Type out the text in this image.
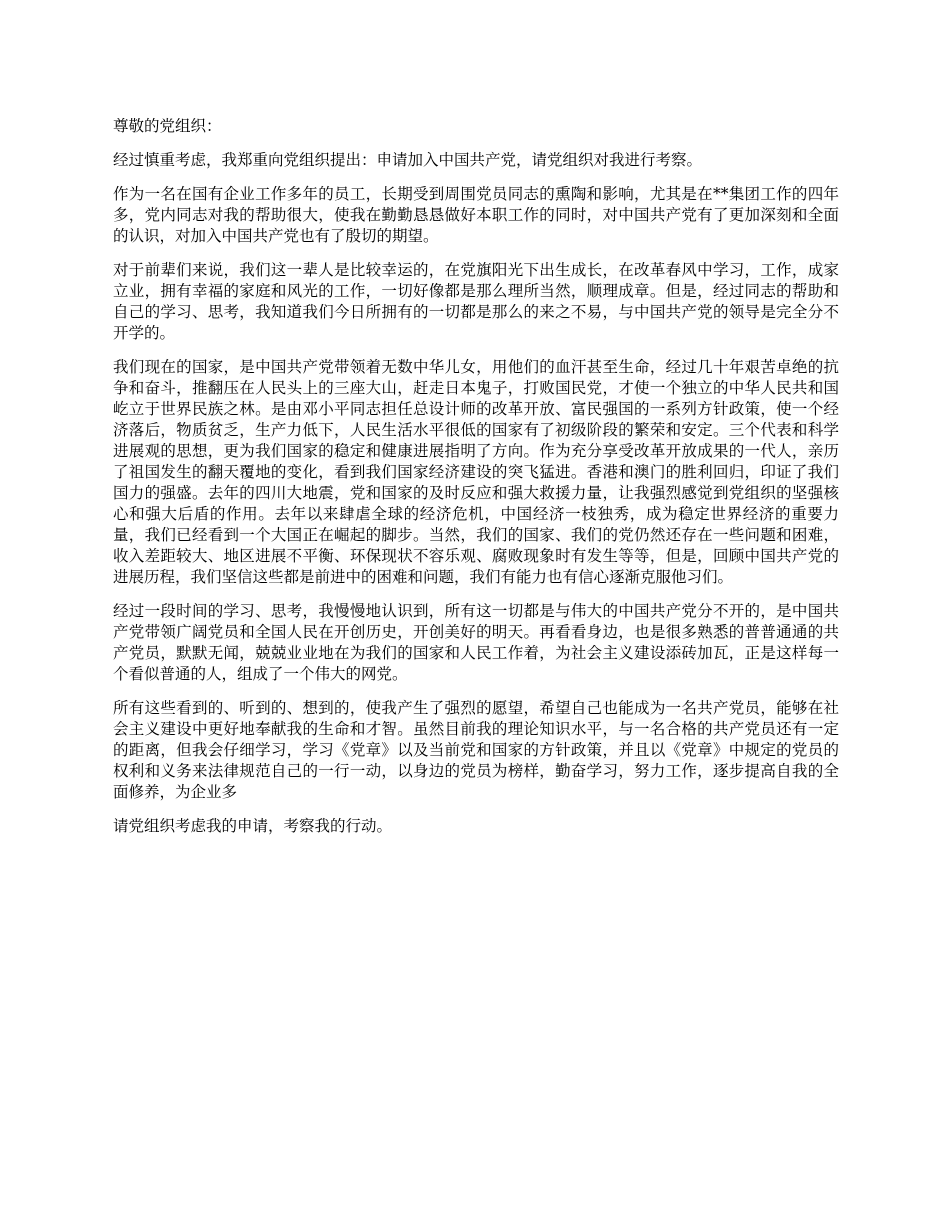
尊敬的党组织：

经过慎重考虑，我郑重向党组织提出：申请加入中国共产党，请党组织对我进行考察。

作为一名在国有企业工作多年的员工，长期受到周围党员同志的熏陶和影响，尤其是在**集团工作的四年多，党内同志对我的帮助很大，使我在勤勤恳恳做好本职工作的同时，对中国共产党有了更加深刻和全面的认识，对加入中国共产党也有了殷切的期望。

对于前辈们来说，我们这一辈人是比较幸运的，在党旗阳光下出生成长，在改革春风中学习，工作，成家立业，拥有幸福的家庭和风光的工作，一切好像都是那么理所当然，顺理成章。但是，经过同志的帮助和自己的学习、思考，我知道我们今日所拥有的一切都是那么的来之不易，与中国共产党的领导是完全分不开学的。

我们现在的国家，是中国共产党带领着无数中华儿女，用他们的血汗甚至生命，经过几十年艰苦卓绝的抗争和奋斗，推翻压在人民头上的三座大山，赶走日本鬼子，打败国民党，才使一个独立的中华人民共和国屹立于世界民族之林。是由邓小平同志担任总设计师的改革开放、富民强国的一系列方针政策，使一个经济落后，物质贫乏，生产力低下，人民生活水平很低的国家有了初级阶段的繁荣和安定。三个代表和科学进展观的思想，更为我们国家的稳定和健康进展指明了方向。作为充分享受改革开放成果的一代人，亲历了祖国发生的翻天覆地的变化，看到我们国家经济建设的突飞猛进。香港和澳门的胜利回归，印证了我们国力的强盛。去年的四川大地震，党和国家的及时反应和强大救援力量，让我强烈感觉到党组织的坚强核心和强大后盾的作用。去年以来肆虐全球的经济危机，中国经济一枝独秀，成为稳定世界经济的重要力量，我们已经看到一个大国正在崛起的脚步。当然，我们的国家、我们的党仍然还存在一些问题和困难，收入差距较大、地区进展不平衡、环保现状不容乐观、腐败现象时有发生等等，但是，回顾中国共产党的进展历程，我们坚信这些都是前进中的困难和问题，我们有能力也有信心逐渐克服他习们。

经过一段时间的学习、思考，我慢慢地认识到，所有这一切都是与伟大的中国共产党分不开的，是中国共产党带领广阔党员和全国人民在开创历史，开创美好的明天。再看看身边，也是很多熟悉的普普通通的共产党员，默默无闻，兢兢业业地在为我们的国家和人民工作着，为社会主义建设添砖加瓦，正是这样每一个看似普通的人，组成了一个伟大的网党。

所有这些看到的、听到的、想到的，使我产生了强烈的愿望，希望自己也能成为一名共产党员，能够在社会主义建设中更好地奉献我的生命和才智。虽然目前我的理论知识水平，与一名合格的共产党员还有一定的距离，但我会仔细学习，学习《党章》以及当前党和国家的方针政策，并且以《党章》中规定的党员的权利和义务来法律规范自己的一行一动，以身边的党员为榜样，勤奋学习，努力工作，逐步提高自我的全面修养，为企业多

请党组织考虑我的申请，考察我的行动。
